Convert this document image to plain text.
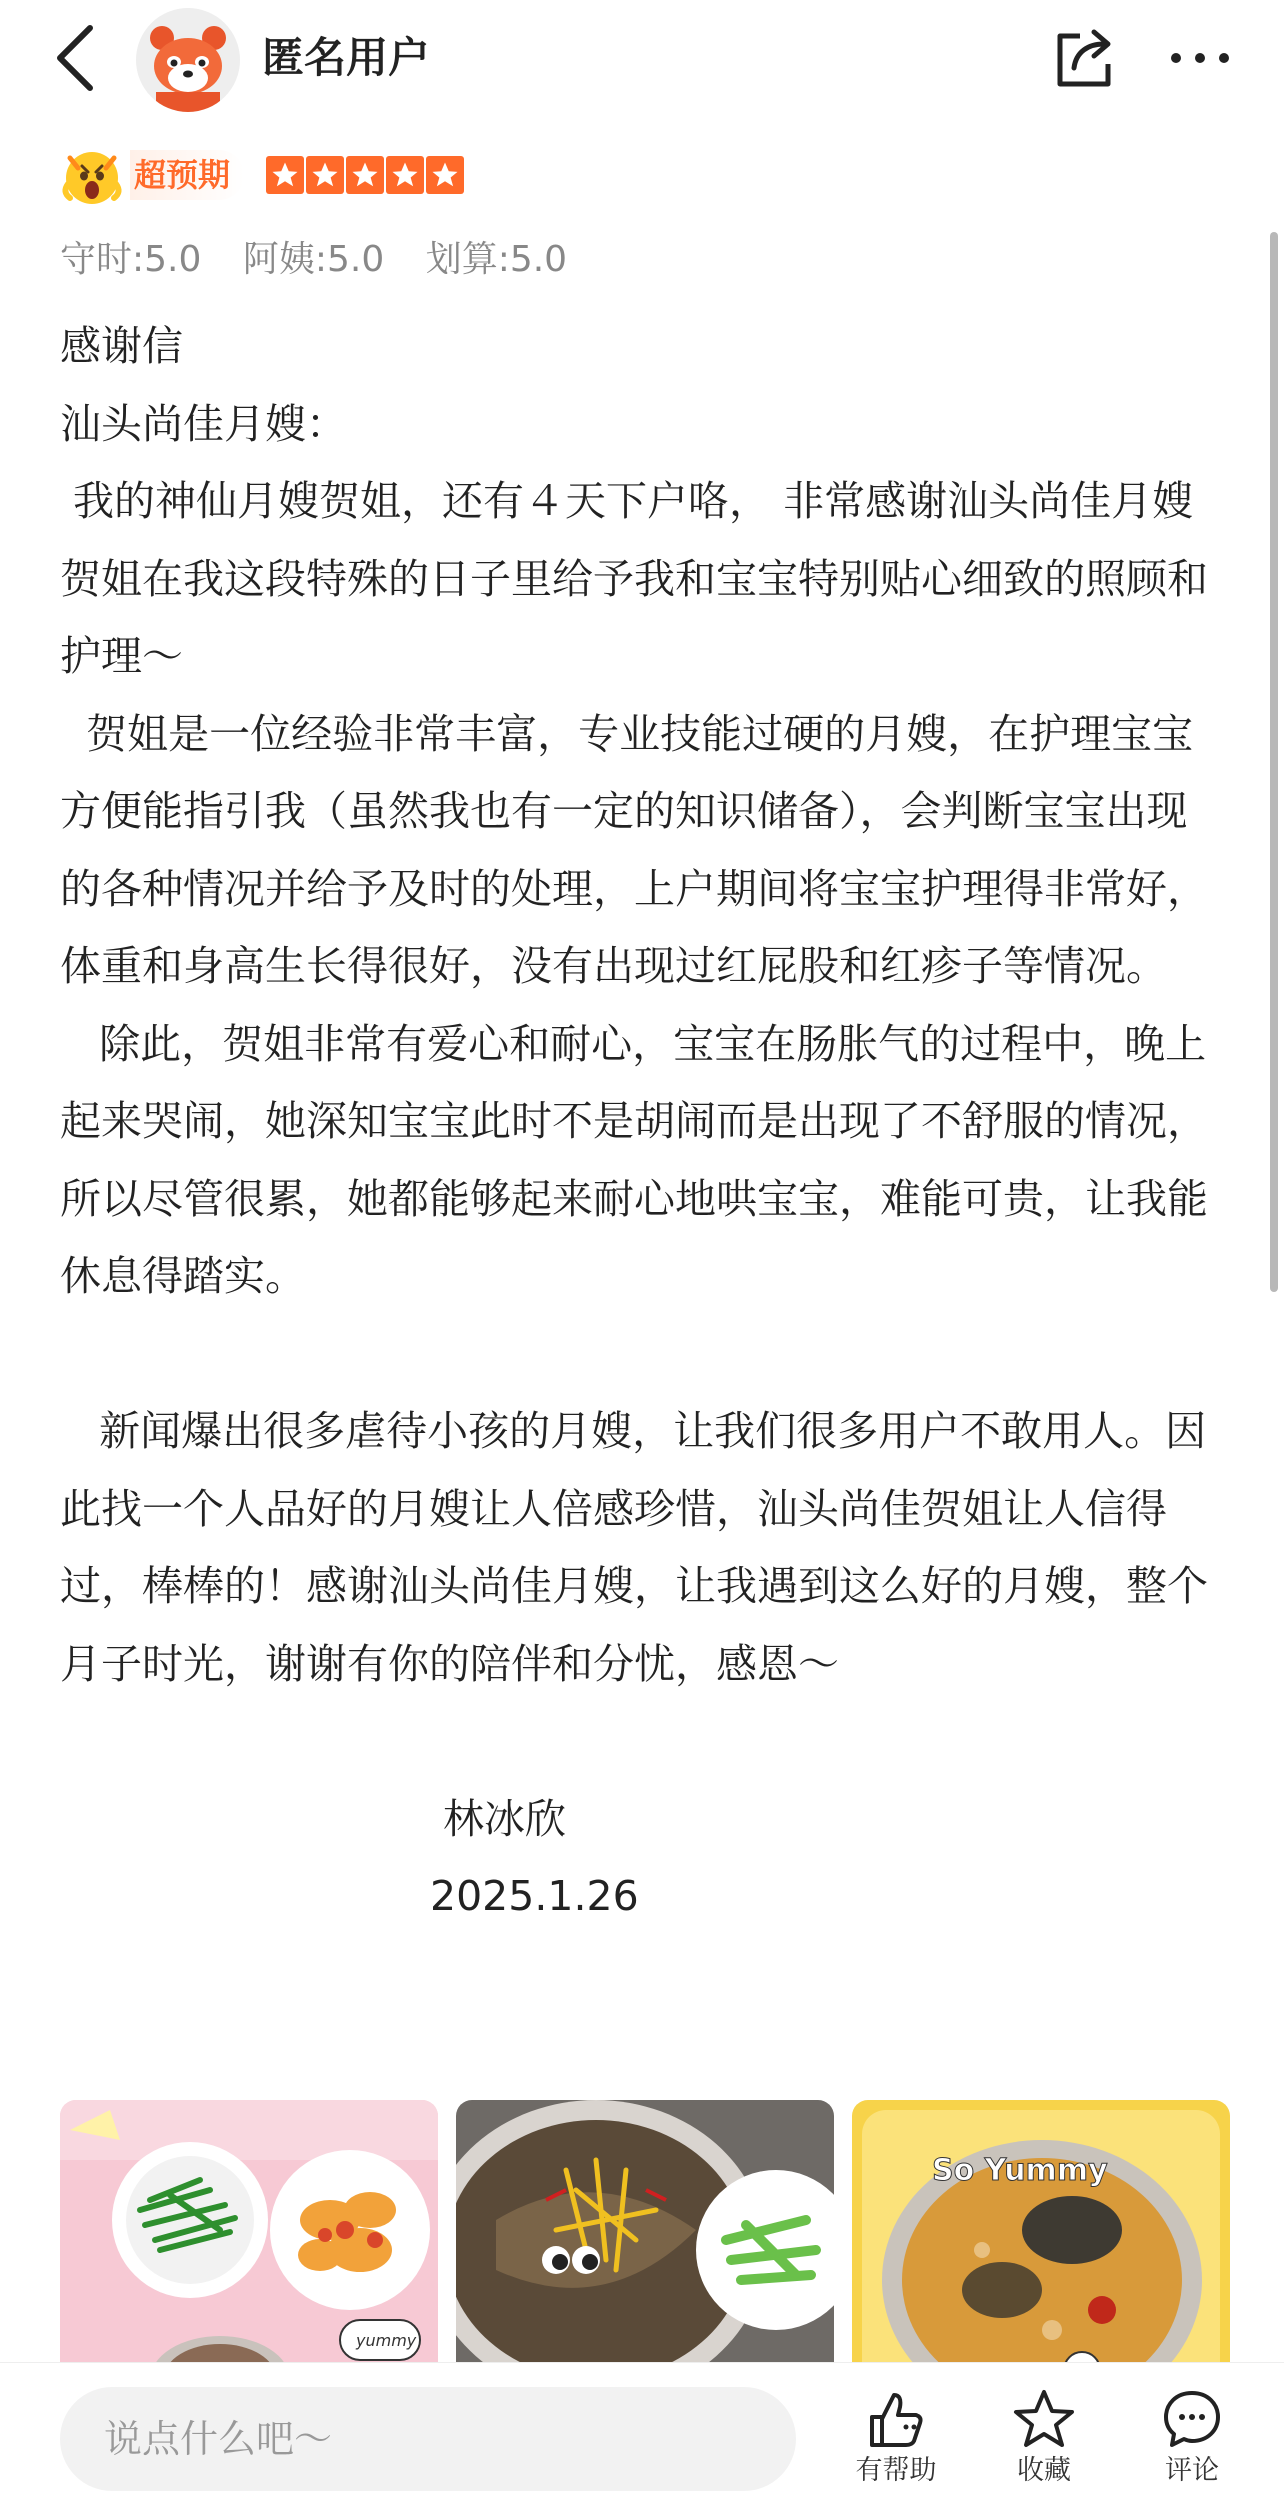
匿名用户
超预期
守时:5.0 阿姨:5.0 划算:5.0

感谢信

汕头尚佳月嫂：

我的神仙月嫂贺姐，还有４天下户咯， 非常感谢汕头尚佳月嫂贺姐在我这段特殊的日子里给予我和宝宝特别贴心细致的照顾和护理～

贺姐是一位经验非常丰富，专业技能过硬的月嫂，在护理宝宝方便能指引我（虽然我也有一定的知识储备），会判断宝宝出现的各种情况并给予及时的处理，上户期间将宝宝护理得非常好，体重和身高生长得很好，没有出现过红屁股和红疹子等情况。

除此，贺姐非常有爱心和耐心，宝宝在肠胀气的过程中，晚上起来哭闹，她深知宝宝此时不是胡闹而是出现了不舒服的情况，所以尽管很累，她都能够起来耐心地哄宝宝，难能可贵，让我能休息得踏实。

新闻爆出很多虐待小孩的月嫂，让我们很多用户不敢用人。因此找一个人品好的月嫂让人倍感珍惜，汕头尚佳贺姐让人信得过，棒棒的！感谢汕头尚佳月嫂，让我遇到这么好的月嫂，整个月子时光，谢谢有你的陪伴和分忧，感恩～

林冰欣

2025.1.26

yummy
So Yummy
说点什么吧～
有帮助	收藏	评论
